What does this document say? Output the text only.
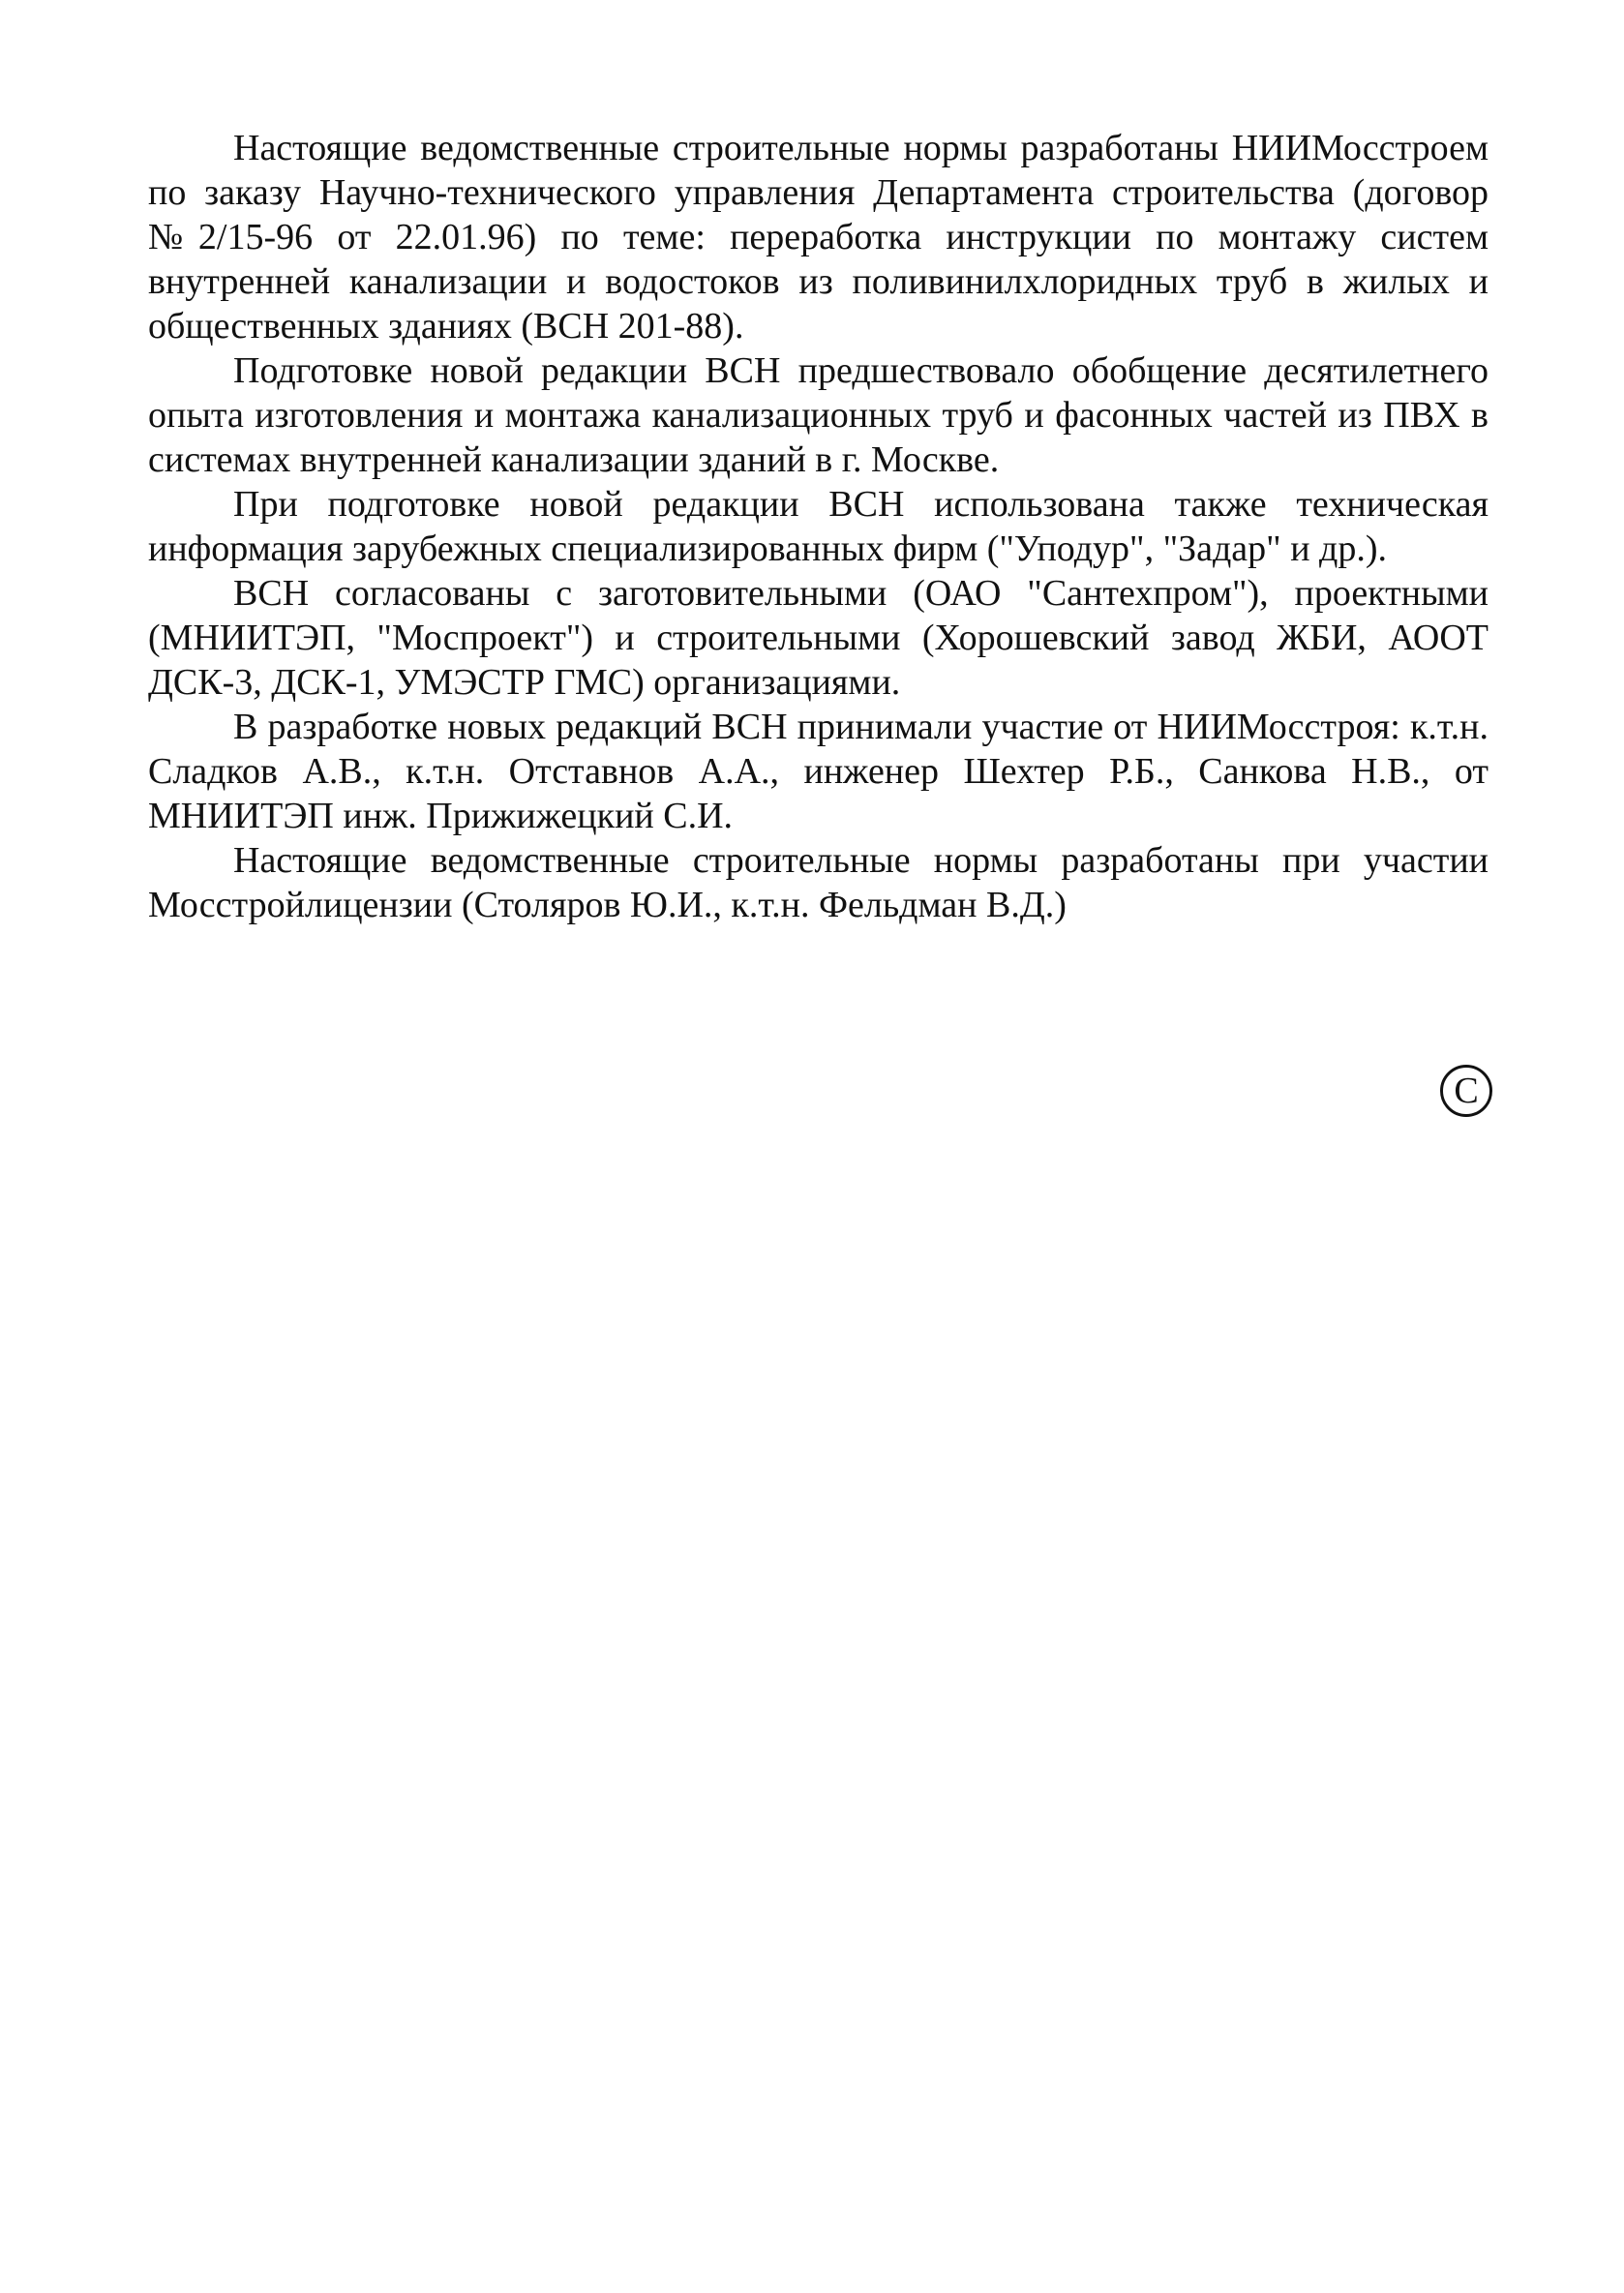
Настоящие ведомственные строительные нормы разработаны НИИМосстроем по заказу Научно-технического управления Департамента строительства (договор №2/15-96 от 22.01.96) по теме: переработка инструкции по монтажу систем внутренней канализации и водостоков из поливинилхлоридных труб в жилых и общественных зданиях (ВСН 201-88).

Подготовке новой редакции ВСН предшествовало обобщение десятилетнего опыта изготовления и монтажа канализационных труб и фасонных частей из ПВХ в системах внутренней канализации зданий в г. Москве.

При подготовке новой редакции ВСН использована также техническая информация зарубежных специализированных фирм ("Уподур", "Задар" и др.).

ВСН согласованы с заготовительными (ОАО "Сантехпром"), проектными (МНИИТЭП, "Моспроект") и строительными (Хорошевский завод ЖБИ, АООТ ДСК-3, ДСК-1, УМЭСТР ГМС) организациями.

В разработке новых редакций ВСН принимали участие от НИИМосстроя: к.т.н. Сладков А.В., к.т.н. Отставнов А.А., инженер Шехтер Р.Б., Санкова Н.В., от МНИИТЭП инж. Прижижецкий С.И.

Настоящие ведомственные строительные нормы разработаны при участии Мосстройлицензии (Столяров Ю.И., к.т.н. Фельдман В.Д.)

C
